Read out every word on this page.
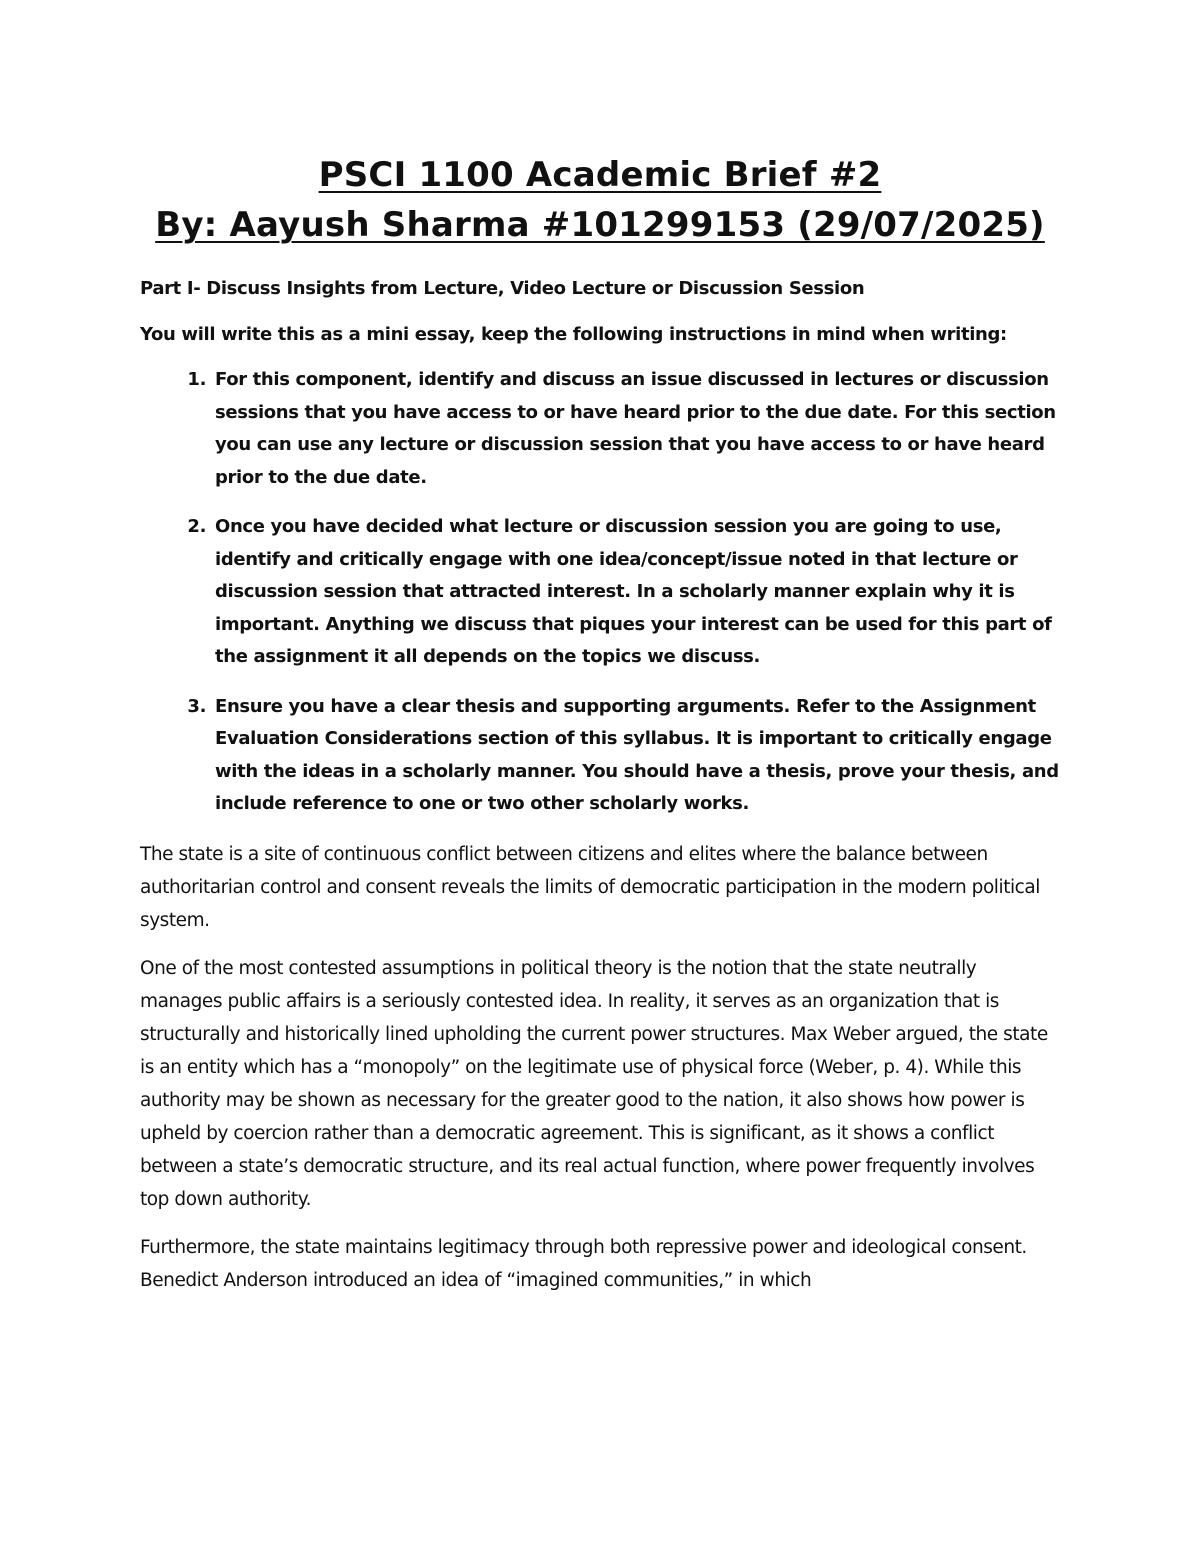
PSCI 1100 Academic Brief #2
By: Aayush Sharma #101299153 (29/07/2025)

Part I- Discuss Insights from Lecture, Video Lecture or Discussion Session

You will write this as a mini essay, keep the following instructions in mind when writing:

1. For this component, identify and discuss an issue discussed in lectures or discussion sessions that you have access to or have heard prior to the due date. For this section you can use any lecture or discussion session that you have access to or have heard prior to the due date.
2. Once you have decided what lecture or discussion session you are going to use, identify and critically engage with one idea/concept/issue noted in that lecture or discussion session that attracted interest. In a scholarly manner explain why it is important. Anything we discuss that piques your interest can be used for this part of the assignment it all depends on the topics we discuss.
3. Ensure you have a clear thesis and supporting arguments. Refer to the Assignment Evaluation Considerations section of this syllabus. It is important to critically engage with the ideas in a scholarly manner. You should have a thesis, prove your thesis, and include reference to one or two other scholarly works.

The state is a site of continuous conflict between citizens and elites where the balance between authoritarian control and consent reveals the limits of democratic participation in the modern political system.

One of the most contested assumptions in political theory is the notion that the state neutrally manages public affairs is a seriously contested idea. In reality, it serves as an organization that is structurally and historically lined upholding the current power structures. Max Weber argued, the state is an entity which has a “monopoly” on the legitimate use of physical force (Weber, p. 4). While this authority may be shown as necessary for the greater good to the nation, it also shows how power is upheld by coercion rather than a democratic agreement. This is significant, as it shows a conflict between a state’s democratic structure, and its real actual function, where power frequently involves top down authority.

Furthermore, the state maintains legitimacy through both repressive power and ideological consent. Benedict Anderson introduced an idea of “imagined communities,” in which
